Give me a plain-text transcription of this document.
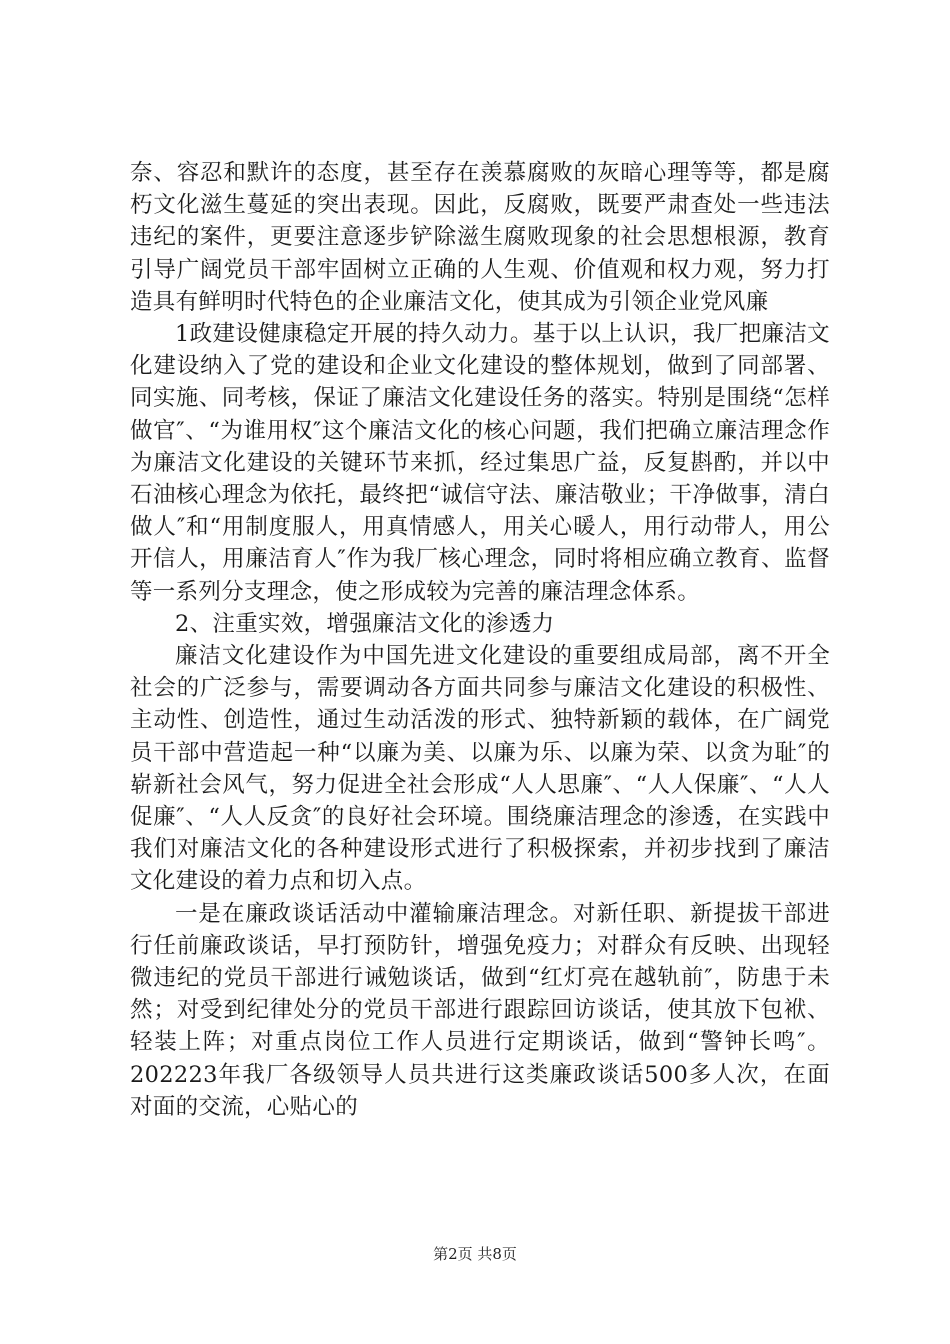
奈、容忍和默许的态度，甚至存在羡慕腐败的灰暗心理等等，都是腐朽文化滋生蔓延的突出表现。因此，反腐败，既要严肃查处一些违法违纪的案件，更要注意逐步铲除滋生腐败现象的社会思想根源，教育引导广阔党员干部牢固树立正确的人生观、价值观和权力观，努力打造具有鲜明时代特色的企业廉洁文化，使其成为引领企业党风廉

1政建设健康稳定开展的持久动力。基于以上认识，我厂把廉洁文化建设纳入了党的建设和企业文化建设的整体规划，做到了同部署、同实施、同考核，保证了廉洁文化建设任务的落实。特别是围绕“怎样做官″、“为谁用权″这个廉洁文化的核心问题，我们把确立廉洁理念作为廉洁文化建设的关键环节来抓，经过集思广益，反复斟酌，并以中石油核心理念为依托，最终把“诚信守法、廉洁敬业；干净做事，清白做人″和“用制度服人，用真情感人，用关心暖人，用行动带人，用公开信人，用廉洁育人″作为我厂核心理念，同时将相应确立教育、监督等一系列分支理念，使之形成较为完善的廉洁理念体系。

2、注重实效，增强廉洁文化的渗透力

廉洁文化建设作为中国先进文化建设的重要组成局部，离不开全社会的广泛参与，需要调动各方面共同参与廉洁文化建设的积极性、主动性、创造性，通过生动活泼的形式、独特新颖的载体，在广阔党员干部中营造起一种“以廉为美、以廉为乐、以廉为荣、以贪为耻″的崭新社会风气，努力促进全社会形成“人人思廉″、“人人保廉″、“人人促廉″、“人人反贪″的良好社会环境。围绕廉洁理念的渗透，在实践中我们对廉洁文化的各种建设形式进行了积极探索，并初步找到了廉洁文化建设的着力点和切入点。

一是在廉政谈话活动中灌输廉洁理念。对新任职、新提拔干部进行任前廉政谈话，早打预防针，增强免疫力；对群众有反映、出现轻微违纪的党员干部进行诫勉谈话，做到“红灯亮在越轨前″，防患于未然；对受到纪律处分的党员干部进行跟踪回访谈话，使其放下包袱、轻装上阵；对重点岗位工作人员进行定期谈话，做到“警钟长鸣″。202223年我厂各级领导人员共进行这类廉政谈话500多人次，在面对面的交流，心贴心的

第2页 共8页
